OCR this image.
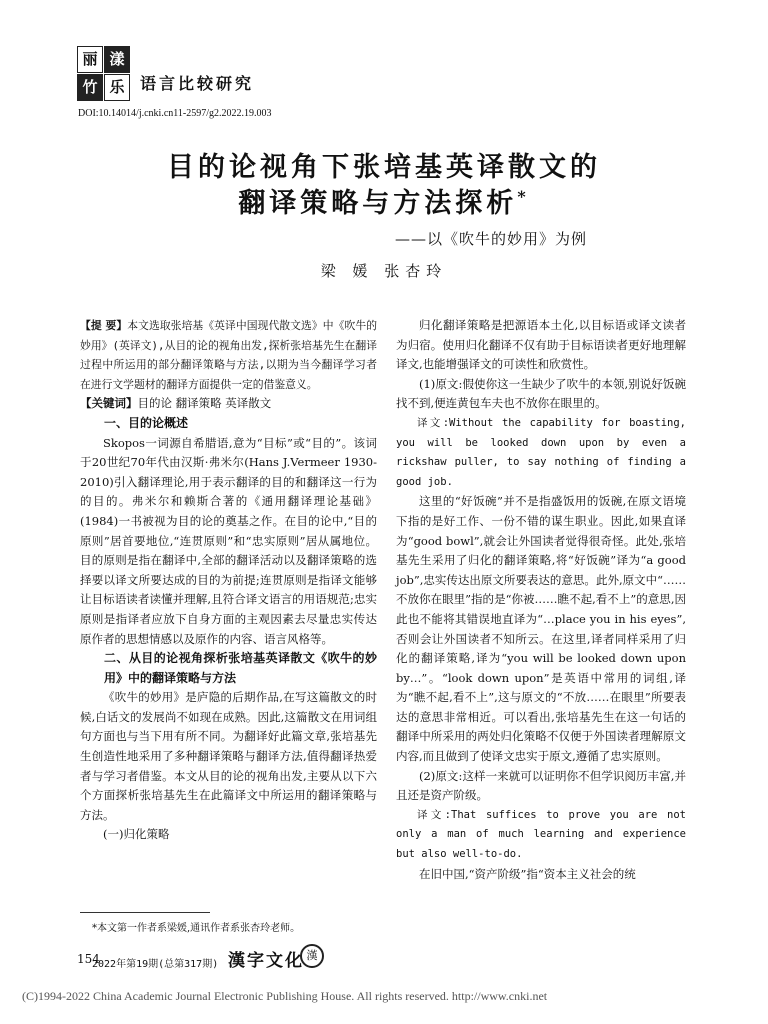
丽 漾
竹 乐 语言比较研究
DOI:10.14014/j.cnki.cn11-2597/g2.2022.19.003
目的论视角下张培基英译散文的
翻译策略与方法探析*
——以《吹牛的妙用》为例
梁 媛 张杏玲

【提 要】本文选取张培基《英译中国现代散文选》中《吹牛的妙用》(英译文),从目的论的视角出发,探析张培基先生在翻译过程中所运用的部分翻译策略与方法,以期为当今翻译学习者在进行文学题材的翻译方面提供一定的借鉴意义。

【关键词】目的论 翻译策略 英译散文

一、目的论概述

Skopos一词源自希腊语,意为“目标”或“目的”。该词于20世纪70年代由汉斯·弗米尔(Hans J.Vermeer 1930-2010)引入翻译理论,用于表示翻译的目的和翻译这一行为的目的。弗米尔和赖斯合著的《通用翻译理论基础》(1984)一书被视为目的论的奠基之作。在目的论中,“目的原则”居首要地位,“连贯原则”和“忠实原则”居从属地位。目的原则是指在翻译中,全部的翻译活动以及翻译策略的选择要以译文所要达成的目的为前提;连贯原则是指译文能够让目标语读者读懂并理解,且符合译文语言的用语规范;忠实原则是指译者应放下自身方面的主观因素去尽量忠实传达原作者的思想情感以及原作的内容、语言风格等。

二、从目的论视角探析张培基英译散文《吹牛的妙用》中的翻译策略与方法

《吹牛的妙用》是庐隐的后期作品,在写这篇散文的时候,白话文的发展尚不如现在成熟。因此,这篇散文在用词组句方面也与当下用有所不同。为翻译好此篇文章,张培基先生创造性地采用了多种翻译策略与翻译方法,值得翻译热爱者与学习者借鉴。本文从目的论的视角出发,主要从以下六个方面探析张培基先生在此篇译文中所运用的翻译策略与方法。

(一)归化策略

归化翻译策略是把源语本土化,以目标语或译文读者为归宿。使用归化翻译不仅有助于目标语读者更好地理解译文,也能增强译文的可读性和欣赏性。

(1)原文:假使你这一生缺少了吹牛的本领,别说好饭碗找不到,便连黄包车夫也不放你在眼里的。

译文:Without the capability for boasting, you will be looked down upon by even a rickshaw puller, to say nothing of finding a good job.

这里的“好饭碗”并不是指盛饭用的饭碗,在原文语境下指的是好工作、一份不错的谋生职业。因此,如果直译为“good bowl”,就会让外国读者觉得很奇怪。此处,张培基先生采用了归化的翻译策略,将“好饭碗”译为“a good job”,忠实传达出原文所要表达的意思。此外,原文中“……不放你在眼里”指的是“你被……瞧不起,看不上”的意思,因此也不能将其错误地直译为“…place you in his eyes”,否则会让外国读者不知所云。在这里,译者同样采用了归化的翻译策略,译为“you will be looked down upon by…”。“look down upon”是英语中常用的词组,译为“瞧不起,看不上”,这与原文的“不放……在眼里”所要表达的意思非常相近。可以看出,张培基先生在这一句话的翻译中所采用的两处归化策略不仅便于外国读者理解原文内容,而且做到了使译文忠实于原文,遵循了忠实原则。

(2)原文:这样一来就可以证明你不但学识阅历丰富,并且还是资产阶级。

译文:That suffices to prove you are not only a man of much learning and experience but also well-to-do.

在旧中国,“资产阶级”指“资本主义社会的统

*本文第一作者系梁媛,通讯作者系张杏玲老师。
154
2022年第19期(总第317期) 漢字文化 漢
(C)1994-2022 China Academic Journal Electronic Publishing House. All rights reserved. http://www.cnki.net
